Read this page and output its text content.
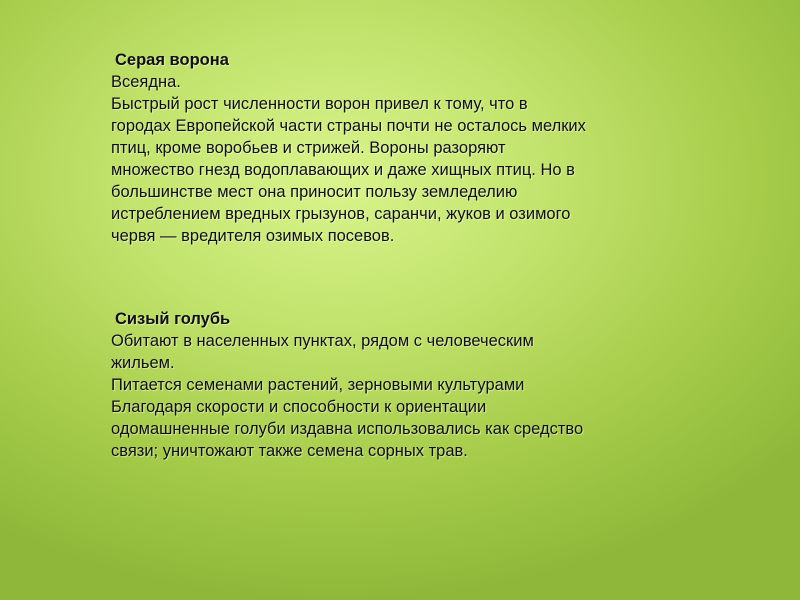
Серая ворона
Всеядна.
Быстрый рост численности ворон привел к тому, что в
городах Европейской части страны почти не осталось мелких
птиц, кроме воробьев и стрижей. Вороны разоряют
множество гнезд водоплавающих и даже хищных птиц. Но в
большинстве мест она приносит пользу земледелию
истреблением вредных грызунов, саранчи, жуков и озимого
червя — вредителя озимых посевов.
Сизый голубь
Обитают в населенных пунктах, рядом с человеческим
жильем.
Питается семенами растений, зерновыми культурами
Благодаря скорости и способности к ориентации
одомашненные голуби издавна использовались как средство
связи; уничтожают также семена сорных трав.
